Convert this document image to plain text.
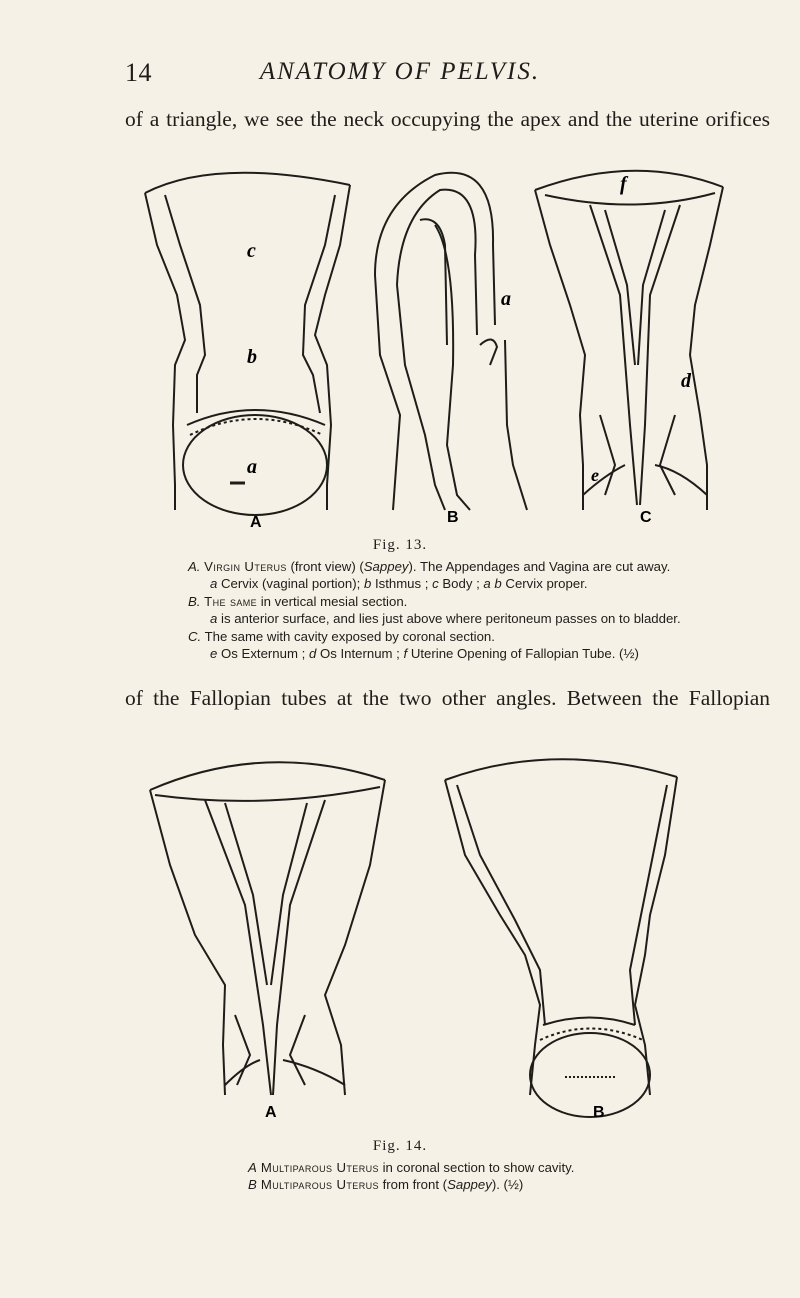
14	ANATOMY OF PELVIS.
of a triangle, we see the neck occupying the apex and the uterine orifices
c
b
a
a
f
d
e
A	B	C
Fig. 13.
A. Virgin Uterus (front view) (Sappey). The Appendages and Vagina are cut away.
a Cervix (vaginal portion); b Isthmus ; c Body ; a b Cervix proper.
B. The same in vertical mesial section.
a is anterior surface, and lies just above where peritoneum passes on to bladder.
C. The same with cavity exposed by coronal section.
e Os Externum ; d Os Internum ; f Uterine Opening of Fallopian Tube. (½)
of the Fallopian tubes at the two other angles. Between the Fallopian
A	B
Fig. 14.
A Multiparous Uterus in coronal section to show cavity.
B Multiparous Uterus from front (Sappey). (½)
